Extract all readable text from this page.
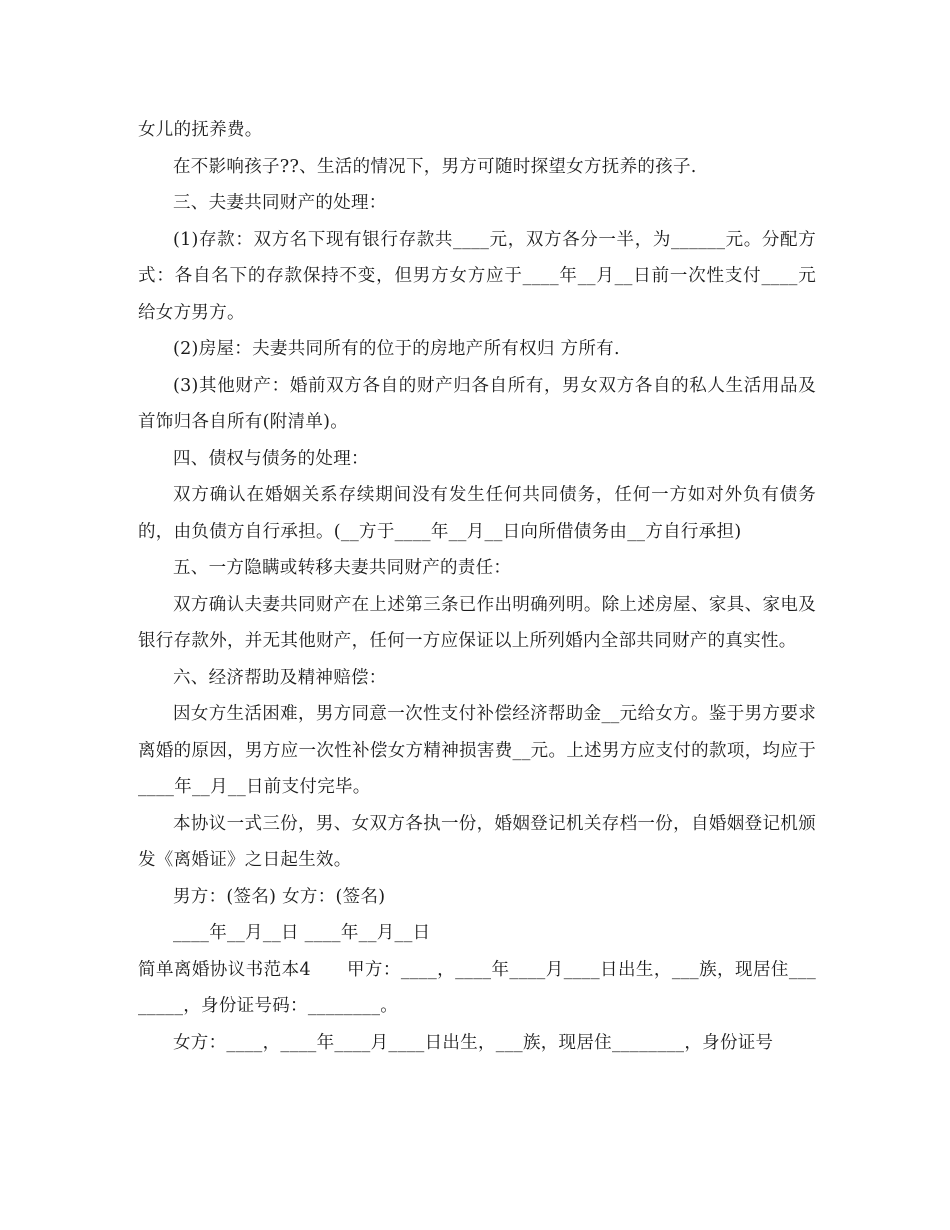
女儿的抚养费。

在不影响孩子??、生活的情况下，男方可随时探望女方抚养的孩子.

三、夫妻共同财产的处理：

(1)存款：双方名下现有银行存款共____元，双方各分一半，为______元。分配方式：各自名下的存款保持不变，但男方女方应于____年__月__日前一次性支付____元给女方男方。

(2)房屋：夫妻共同所有的位于的房地产所有权归 方所有.

(3)其他财产：婚前双方各自的财产归各自所有，男女双方各自的私人生活用品及首饰归各自所有(附清单)。

四、债权与债务的处理：

双方确认在婚姻关系存续期间没有发生任何共同债务，任何一方如对外负有债务的，由负债方自行承担。(__方于____年__月__日向所借债务由__方自行承担)

五、一方隐瞒或转移夫妻共同财产的责任：

双方确认夫妻共同财产在上述第三条已作出明确列明。除上述房屋、家具、家电及银行存款外，并无其他财产，任何一方应保证以上所列婚内全部共同财产的真实性。

六、经济帮助及精神赔偿：

因女方生活困难，男方同意一次性支付补偿经济帮助金__元给女方。鉴于男方要求离婚的原因，男方应一次性补偿女方精神损害费__元。上述男方应支付的款项，均应于____年__月__日前支付完毕。

本协议一式三份，男、女双方各执一份，婚姻登记机关存档一份，自婚姻登记机颁发《离婚证》之日起生效。

男方：(签名) 女方：(签名)

____年__月__日 ____年__月__日

简单离婚协议书范本4　　甲方：____，____年____月____日出生，___族，现居住________，身份证号码：________。

女方：____，____年____月____日出生，___族，现居住________，身份证号
